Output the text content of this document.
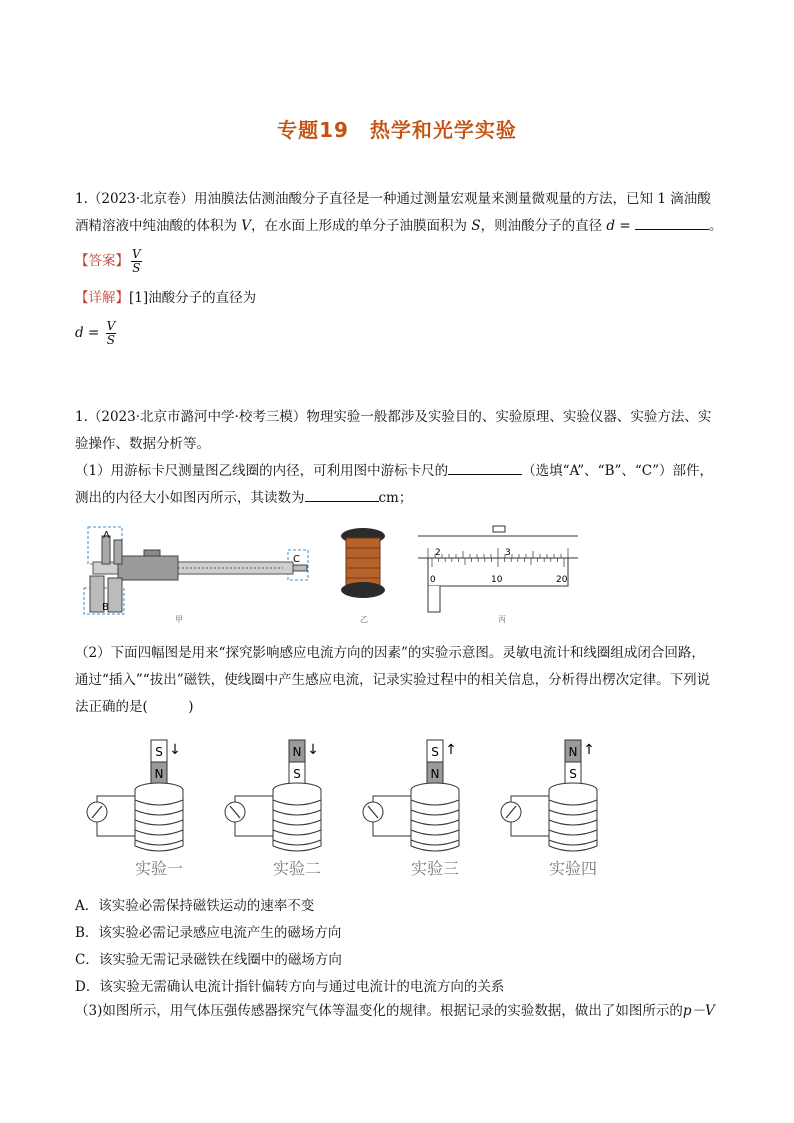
专题19　热学和光学实验
1.（2023·北京卷）用油膜法估测油酸分子直径是一种通过测量宏观量来测量微观量的方法，已知 1 滴油酸
酒精溶液中纯油酸的体积为 V，在水面上形成的单分子油膜面积为 S，则油酸分子的直径 d =	。
【答案】 $\frac{V}{S}$
【详解】[1]油酸分子的直径为
$d = \frac{V}{S}$
1.（2023·北京市潞河中学·校考三模）物理实验一般都涉及实验目的、实验原理、实验仪器、实验方法、实
验操作、数据分析等。
（1）用游标卡尺测量图乙线圈的内径，可利用图中游标卡尺的	（选填“A”、“B”、“C”）部件，
测出的内径大小如图丙所示，其读数为	cm；
A
B
C
甲	乙
2	3
0	10	20
丙
（2）下面四幅图是用来“探究影响感应电流方向的因素”的实验示意图。灵敏电流计和线圈组成闭合回路，
通过“插入”“拔出”磁铁，使线圈中产生感应电流，记录实验过程中的相关信息，分析得出楞次定律。下列说
法正确的是(　　　)
S
N
↓
实验一
N
S
↓
实验二
S
N
↑
实验三
N
S
↑
实验四
A．该实验必需保持磁铁运动的速率不变
B．该实验必需记录感应电流产生的磁场方向
C．该实验无需记录磁铁在线圈中的磁场方向
D．该实验无需确认电流计指针偏转方向与通过电流计的电流方向的关系
（3)如图所示，用气体压强传感器探究气体等温变化的规律。根据记录的实验数据，做出了如图所示的p－V
